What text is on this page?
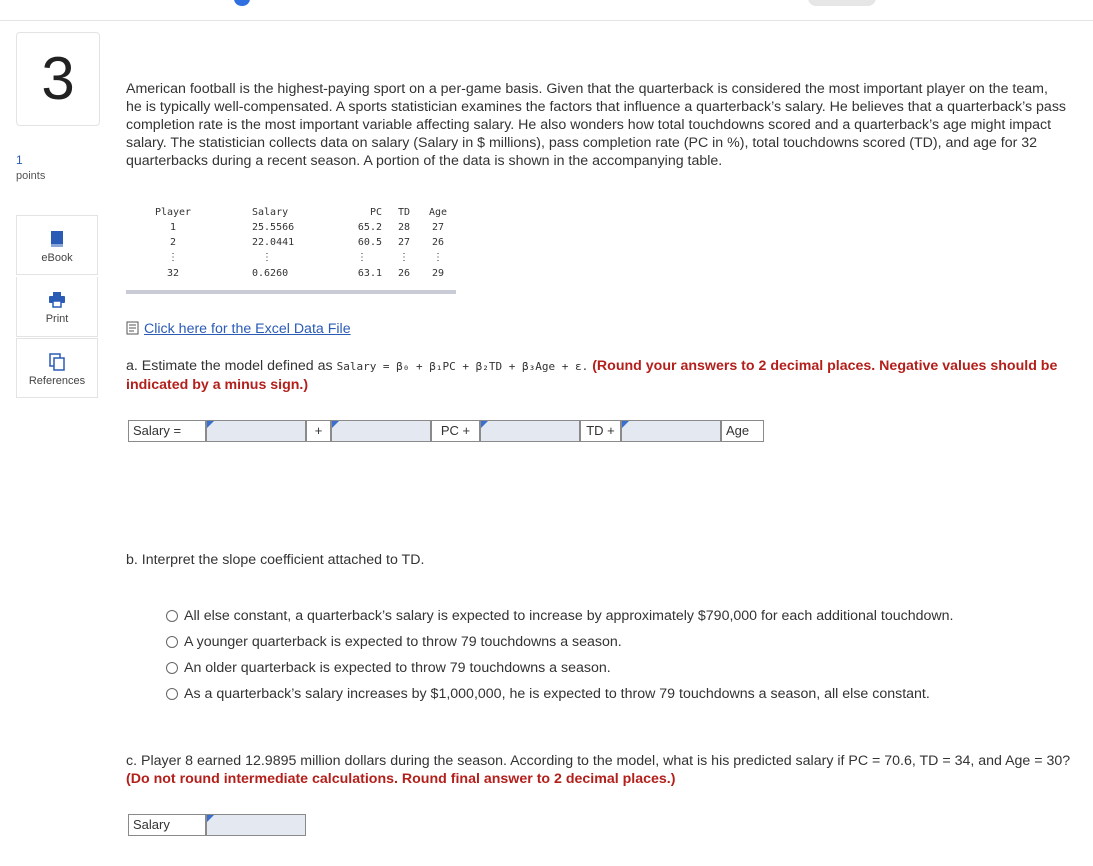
3
1
points
eBook
Print
References
American football is the highest-paying sport on a per-game basis. Given that the quarterback is considered the most important player on the team, he is typically well-compensated. A sports statistician examines the factors that influence a quarterback’s salary. He believes that a quarterback’s pass completion rate is the most important variable affecting salary. He also wonders how total touchdowns scored and a quarterback’s age might impact salary. The statistician collects data on salary (Salary in $ millions), pass completion rate (PC in %), total touchdowns scored (TD), and age for 32 quarterbacks during a recent season. A portion of the data is shown in the accompanying table.
Player	Salary	PC	TD	Age
1	25.5566	65.2	28	27
2	22.0441	60.5	27	26
⋮	⋮	⋮	⋮	⋮
32	0.6260	63.1	26	29
Click here for the Excel Data File
a. Estimate the model defined as Salary = β₀ + β₁PC + β₂TD + β₃Age + ε. (Round your answers to 2 decimal places. Negative values should be indicated by a minus sign.)
Salary =	+	PC +	TD +	Age
b. Interpret the slope coefficient attached to TD.
All else constant, a quarterback’s salary is expected to increase by approximately $790,000 for each additional touchdown.
A younger quarterback is expected to throw 79 touchdowns a season.
An older quarterback is expected to throw 79 touchdowns a season.
As a quarterback’s salary increases by $1,000,000, he is expected to throw 79 touchdowns a season, all else constant.
c. Player 8 earned 12.9895 million dollars during the season. According to the model, what is his predicted salary if PC = 70.6, TD = 34, and Age = 30? (Do not round intermediate calculations. Round final answer to 2 decimal places.)
Salary
